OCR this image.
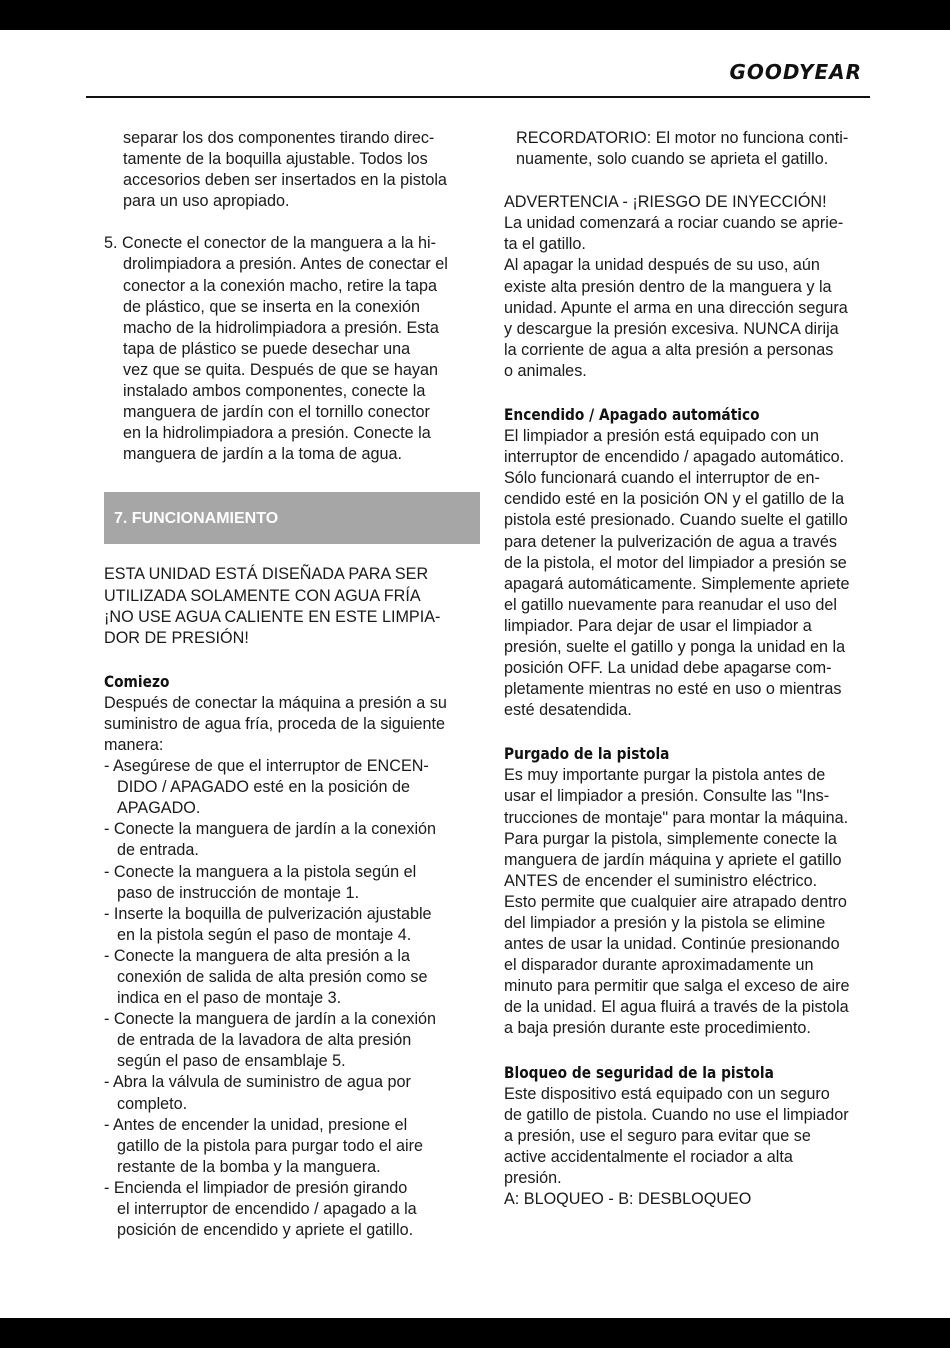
GOODYEAR
separar los dos componentes tirando direc-
tamente de la boquilla ajustable. Todos los
accesorios deben ser insertados en la pistola
para un uso apropiado.
5. Conecte el conector de la manguera a la hi-
drolimpiadora a presión. Antes de conectar el
conector a la conexión macho, retire la tapa
de plástico, que se inserta en la conexión
macho de la hidrolimpiadora a presión. Esta
tapa de plástico se puede desechar una
vez que se quita. Después de que se hayan
instalado ambos componentes, conecte la
manguera de jardín con el tornillo conector
en la hidrolimpiadora a presión. Conecte la
manguera de jardín a la toma de agua.
7. FUNCIONAMIENTO
ESTA UNIDAD ESTÁ DISEÑADA PARA SER
UTILIZADA SOLAMENTE CON AGUA FRÍA
¡NO USE AGUA CALIENTE EN ESTE LIMPIA-
DOR DE PRESIÓN!
Comiezo
Después de conectar la máquina a presión a su
suministro de agua fría, proceda de la siguiente
manera:
- Asegúrese de que el interruptor de ENCEN-
DIDO / APAGADO esté en la posición de
APAGADO.
- Conecte la manguera de jardín a la conexión
de entrada.
- Conecte la manguera a la pistola según el
paso de instrucción de montaje 1.
- Inserte la boquilla de pulverización ajustable
en la pistola según el paso de montaje 4.
- Conecte la manguera de alta presión a la
conexión de salida de alta presión como se
indica en el paso de montaje 3.
- Conecte la manguera de jardín a la conexión
de entrada de la lavadora de alta presión
según el paso de ensamblaje 5.
- Abra la válvula de suministro de agua por
completo.
- Antes de encender la unidad, presione el
gatillo de la pistola para purgar todo el aire
restante de la bomba y la manguera.
- Encienda el limpiador de presión girando
el interruptor de encendido / apagado a la
posición de encendido y apriete el gatillo.
RECORDATORIO: El motor no funciona conti-
nuamente, solo cuando se aprieta el gatillo.
ADVERTENCIA - ¡RIESGO DE INYECCIÓN!
La unidad comenzará a rociar cuando se aprie-
ta el gatillo.
Al apagar la unidad después de su uso, aún
existe alta presión dentro de la manguera y la
unidad. Apunte el arma en una dirección segura
y descargue la presión excesiva. NUNCA dirija
la corriente de agua a alta presión a personas
o animales.
Encendido / Apagado automático
El limpiador a presión está equipado con un
interruptor de encendido / apagado automático.
Sólo funcionará cuando el interruptor de en-
cendido esté en la posición ON y el gatillo de la
pistola esté presionado. Cuando suelte el gatillo
para detener la pulverización de agua a través
de la pistola, el motor del limpiador a presión se
apagará automáticamente. Simplemente apriete
el gatillo nuevamente para reanudar el uso del
limpiador. Para dejar de usar el limpiador a
presión, suelte el gatillo y ponga la unidad en la
posición OFF. La unidad debe apagarse com-
pletamente mientras no esté en uso o mientras
esté desatendida.
Purgado de la pistola
Es muy importante purgar la pistola antes de
usar el limpiador a presión. Consulte las "Ins-
trucciones de montaje" para montar la máquina.
Para purgar la pistola, simplemente conecte la
manguera de jardín máquina y apriete el gatillo
ANTES de encender el suministro eléctrico.
Esto permite que cualquier aire atrapado dentro
del limpiador a presión y la pistola se elimine
antes de usar la unidad. Continúe presionando
el disparador durante aproximadamente un
minuto para permitir que salga el exceso de aire
de la unidad. El agua fluirá a través de la pistola
a baja presión durante este procedimiento.
Bloqueo de seguridad de la pistola
Este dispositivo está equipado con un seguro
de gatillo de pistola. Cuando no use el limpiador
a presión, use el seguro para evitar que se
active accidentalmente el rociador a alta
presión.
A: BLOQUEO - B: DESBLOQUEO
